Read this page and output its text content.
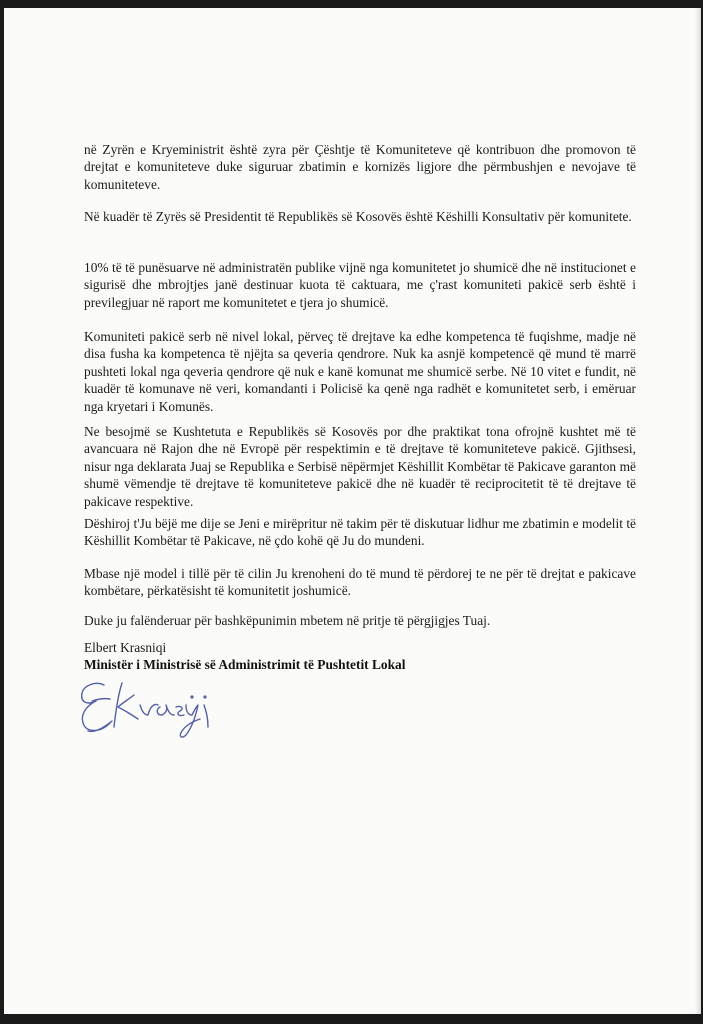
në Zyrën e Kryeministrit është zyra për Çështje të Komuniteteve që kontribuon dhe promovon të drejtat e komuniteteve duke siguruar zbatimin e kornizës ligjore dhe përmbushjen e nevojave të komuniteteve.

Në kuadër të Zyrës së Presidentit të Republikës së Kosovës është Këshilli Konsultativ për komunitete.

10% të të punësuarve në administratën publike vijnë nga komunitetet jo shumicë dhe në institucionet e sigurisë dhe mbrojtjes janë destinuar kuota të caktuara, me ç'rast komuniteti pakicë serb është i previlegjuar në raport me komunitetet e tjera jo shumicë.

Komuniteti pakicë serb në nivel lokal, përveç të drejtave ka edhe kompetenca të fuqishme, madje në disa fusha ka kompetenca të njëjta sa qeveria qendrore. Nuk ka asnjë kompetencë që mund të marrë pushteti lokal nga qeveria qendrore që nuk e kanë komunat me shumicë serbe. Në 10 vitet e fundit, në kuadër të komunave në veri, komandanti i Policisë ka qenë nga radhët e komunitetet serb, i emëruar nga kryetari i Komunës.

Ne besojmë se Kushtetuta e Republikës së Kosovës por dhe praktikat tona ofrojnë kushtet më të avancuara në Rajon dhe në Evropë për respektimin e të drejtave të komuniteteve pakicë. Gjithsesi, nisur nga deklarata Juaj se Republika e Serbisë nëpërmjet Këshillit Kombëtar të Pakicave garanton më shumë vëmendje të drejtave të komuniteteve pakicë dhe në kuadër të reciprocitetit të të drejtave të pakicave respektive.

Dëshiroj t'Ju bëjë me dije se Jeni e mirëpritur në takim për të diskutuar lidhur me zbatimin e modelit të Këshillit Kombëtar të Pakicave, në çdo kohë që Ju do mundeni.

Mbase një model i tillë për të cilin Ju krenoheni do të mund të përdorej te ne për të drejtat e pakicave kombëtare, përkatësisht të komunitetit joshumicë.

Duke ju falënderuar për bashkëpunimin mbetem në pritje të përgjigjes Tuaj.

Elbert Krasniqi
Ministër i Ministrisë së Administrimit të Pushtetit Lokal
